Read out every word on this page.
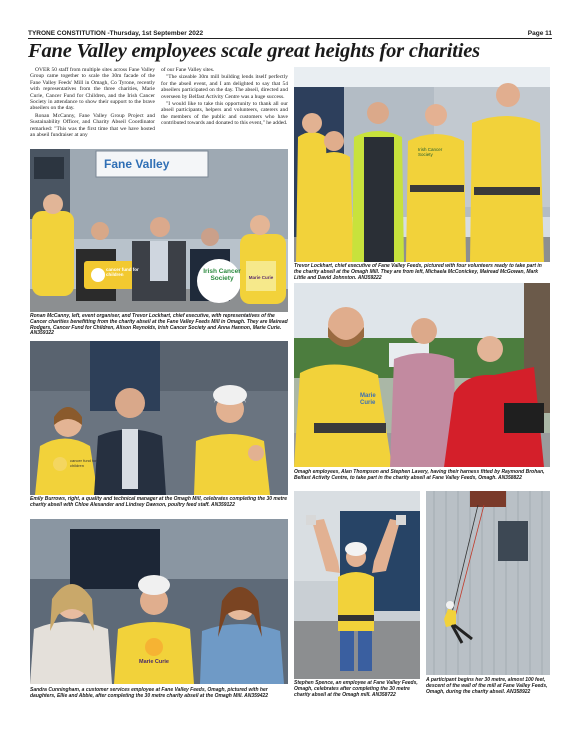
TYRONE CONSTITUTION -Thursday, 1st September 2022	Page 11
Fane Valley employees scale great heights for charities

OVER 50 staff from multiple sites across Fane Valley Group came together to scale the 30m facade of the Fane Valley Feeds' Mill in Omagh, Co Tyrone, recently with representatives from the three charities, Marie Curie, Cancer Fund for Children, and the Irish Cancer Society in attendance to show their support to the brave abseilers on the day.

Ronan McCanny, Fane Valley Group Project and Sustainability Officer, and Charity Abseil Coordinator remarked: "This was the first time that we have hosted an abseil fundraiser at any

of our Fane Valley sites.

"The sizeable 30m mill building lends itself perfectly for the abseil event, and I am delighted to say that 54 abseilers participated on the day. The abseil, directed and overseen by Belfast Activity Centre was a huge success.

"I would like to take this opportunity to thank all our abseil participants, helpers and volunteers, caterers and the members of the public and customers who have contributed towards and donated to this event," he added.

Fane Valley
cancer fund for children	Irish Cancer Society	Marie Curie
Ronan McCanny, left, event organiser, and Trevor Lockhart, chief executive, with representatives of the Cancer charities benefitting from the charity abseil at the Fane Valley Feeds Mill in Omagh. They are Mairead Rodgers, Cancer Fund for Children, Alison Reynolds, Irish Cancer Society and Anna Hannon, Marie Curie. AN359322
cancer fund for children
Emily Burrows, right, a quality and technical manager at the Omagh Mill, celebrates completing the 30 metre charity abseil with Chloe Alexander and Lindsey Dawson, poultry feed staff. AN359122
Marie Curie
Sandra Cunningham, a customer services employee at Fane Valley Feeds, Omagh, pictured with her daughters, Ellie and Abbie, after completing the 30 metre charity abseil at the Omagh Mill. AN359422
Irish Cancer Society
Trevor Lockhart, chief executive of Fane Valley Feeds, pictured with four volunteers ready to take part in the charity abseil at the Omagh Mill. They are from left, Michaela McConickey, Mairead McGowan, Mark Little and David Johnston. AN359222
Marie Curie
Omagh employees, Alan Thompson and Stephen Lavery, having their harness fitted by Raymond Brohan, Belfast Activity Centre, to take part in the charity abseil at Fane Valley Feeds, Omagh. AN358822
Stephen Spence, an employee at Fane Valley Feeds, Omagh, celebrates after completing the 30 metre charity abseil at the Omagh mill. AN358722
A participant begins her 30 metre, almost 100 feet, descent of the wall of the mill at Fane Valley Feeds, Omagh, during the charity abseil. AN358922
